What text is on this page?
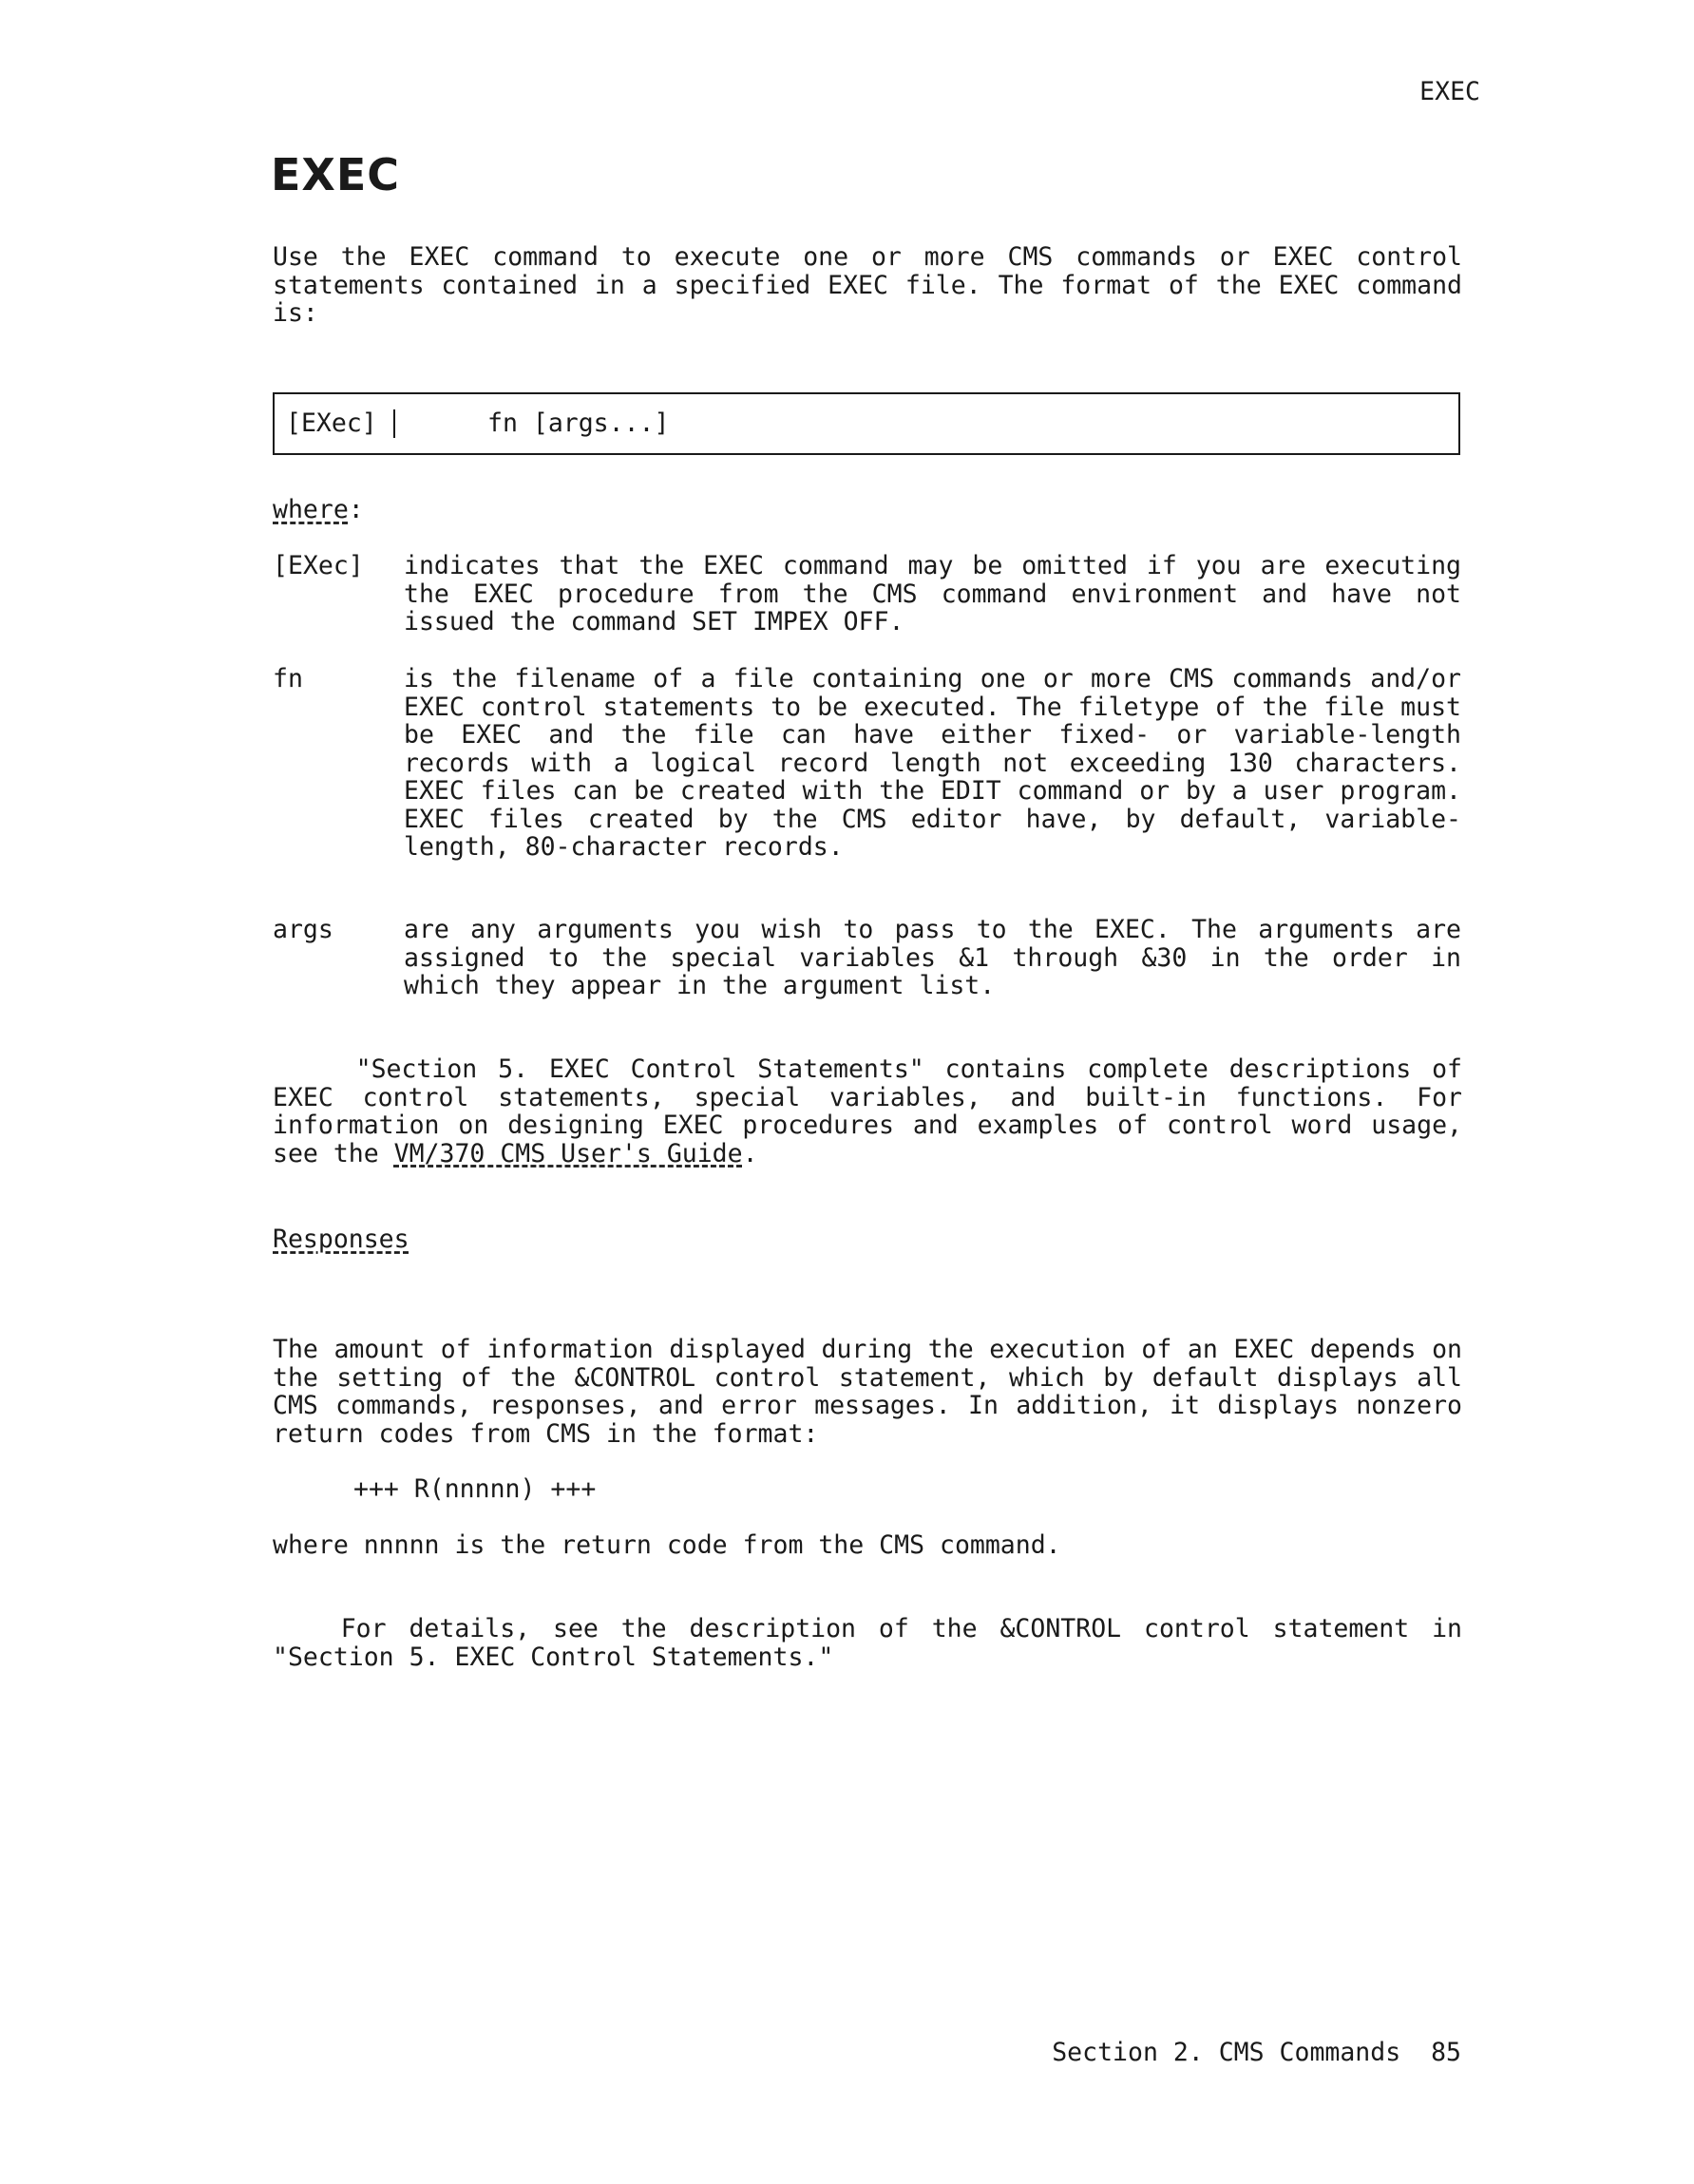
EXEC
EXEC
Use the EXEC command to execute one or more CMS commands or EXEC control statements contained in a specified EXEC file. The format of the EXEC command is:
[EXec]	fn [args...]
where:
[EXec] indicates that the EXEC command may be omitted if you are executing the EXEC procedure from the CMS command environment and have not issued the command SET IMPEX OFF.
fn	is the filename of a file containing one or more CMS commands and/or EXEC control statements to be executed. The filetype of the file must be EXEC and the file can have either fixed- or variable-length records with a logical record length not exceeding 130 characters. EXEC files can be created with the EDIT command or by a user program. EXEC files created by the CMS editor have, by default, variable-length, 80-character records.
args	are any arguments you wish to pass to the EXEC. The arguments are assigned to the special variables &1 through &30 in the order in which they appear in the argument list.
"Section 5. EXEC Control Statements" contains complete descriptions of EXEC control statements, special variables, and built-in functions. For information on designing EXEC procedures and examples of control word usage, see the VM/370 CMS User's Guide.
Responses
The amount of information displayed during the execution of an EXEC depends on the setting of the &CONTROL control statement, which by default displays all CMS commands, responses, and error messages. In addition, it displays nonzero return codes from CMS in the format:
+++ R(nnnnn) +++
where nnnnn is the return code from the CMS command.
For details, see the description of the &CONTROL control statement in "Section 5. EXEC Control Statements."
Section 2. CMS Commands  85
